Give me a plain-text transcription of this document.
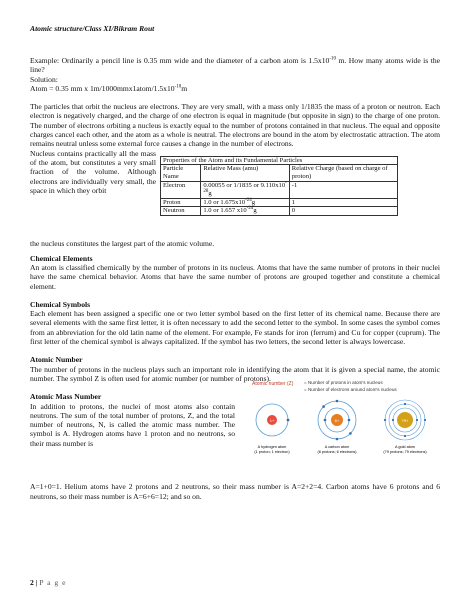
Atomic structure/Class XI/Bikram Rout

Example: Ordinarily a pencil line is 0.35 mm wide and the diameter of a carbon atom is $1.5x10^{-10}$ m. How many atoms wide is the line?

Solution:

Atom = 0.35 mm x $1m/1000mmx1atom/1.5x10^{-10}m$

The particles that orbit the nucleus are electrons. They are very small, with a mass only 1/1835 the mass of a proton or neutron. Each electron is negatively charged, and the charge of one electron is equal in magnitude (but opposite in sign) to the charge of one proton. The number of electrons orbiting a nucleus is exactly equal to the number of protons contained in that nucleus. The equal and opposite charges cancel each other, and the atom as a whole is neutral. The electrons are bound in the atom by electrostatic attraction. The atom remains neutral unless some external force causes a change in the number of electrons.

Nucleus contains practically all the mass of the atom, but constitutes a very small fraction of the volume. Although electrons are individually very small, the space in which they orbit

Properties of the Atom and its Fundamental Particles		
Particle Name	Relative Mass (amu)	Relative Charge (based on charge of proton)
Electron	0.00055 or 1/1835 or $9.110x10^{-28}g$	-1
Proton	1.0 or $1.675x10^{-24}g$	1
Neutron	1.0 or 1.657 $x10^{-24}g$	0

the nucleus constitutes the largest part of the atomic volume.

Chemical Elements

An atom is classified chemically by the number of protons in its nucleus. Atoms that have the same number of protons in their nuclei have the same chemical behavior. Atoms that have the same number of protons are grouped together and constitute a chemical element.

Chemical Symbols

Each element has been assigned a specific one or two letter symbol based on the first letter of its chemical name. Because there are several elements with the same first letter, it is often necessary to add the second letter to the symbol. In some cases the symbol comes from an abbreviation for the old latin name of the element. For example, Fe stands for iron (ferrum) and Cu for copper (cuprum). The first letter of the chemical symbol is always capitalized. If the symbol has two letters, the second letter is always lowercase.

Atomic Number

The number of protons in the nucleus plays such an important role in identifying the atom that it is given a special name, the atomic number. The symbol Z is often used for atomic number (or number of protons).

Atomic Mass Number

In addition to protons, the nuclei of most atoms also contain neutrons. The sum of the total number of protons, Z, and the total number of neutrons, N, is called the atomic mass number. The symbol is A. Hydrogen atoms have 1 proton and no neutrons, so their mass number is

Atomic number (Z) = Number of protons in atom's nucleus
= Number of electrons around atom's nucleus
1+
A hydrogen atom
(1 proton; 1 electron)
6+
A carbon atom
(6 protons; 6 electrons)
79+
A gold atom
(79 protons; 79 electrons)

A=1+0=1. Helium atoms have 2 protons and 2 neutrons, so their mass number is A=2+2=4. Carbon atoms have 6 protons and 6 neutrons, so their mass number is A=6+6=12; and so on.

2 | P a g e
